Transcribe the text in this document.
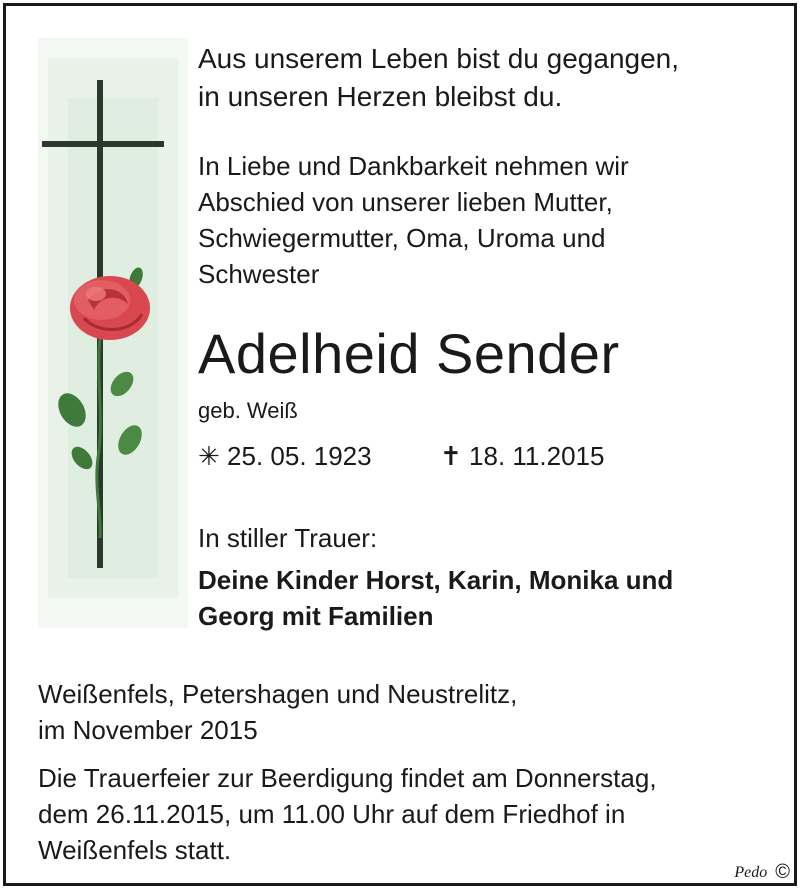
Aus unserem Leben bist du gegangen,
in unseren Herzen bleibst du.
In Liebe und Dankbarkeit nehmen wir
Abschied von unserer lieben Mutter,
Schwiegermutter, Oma, Uroma und
Schwester
Adelheid Sender
geb. Weiß
✳ 25. 05. 1923	✝ 18. 11.2015
In stiller Trauer:
Deine Kinder Horst, Karin, Monika und
Georg mit Familien
Weißenfels, Petershagen und Neustrelitz,
im November 2015
Die Trauerfeier zur Beerdigung findet am Donnerstag,
dem 26.11.2015, um 11.00 Uhr auf dem Friedhof in
Weißenfels statt.
Pedo ©
